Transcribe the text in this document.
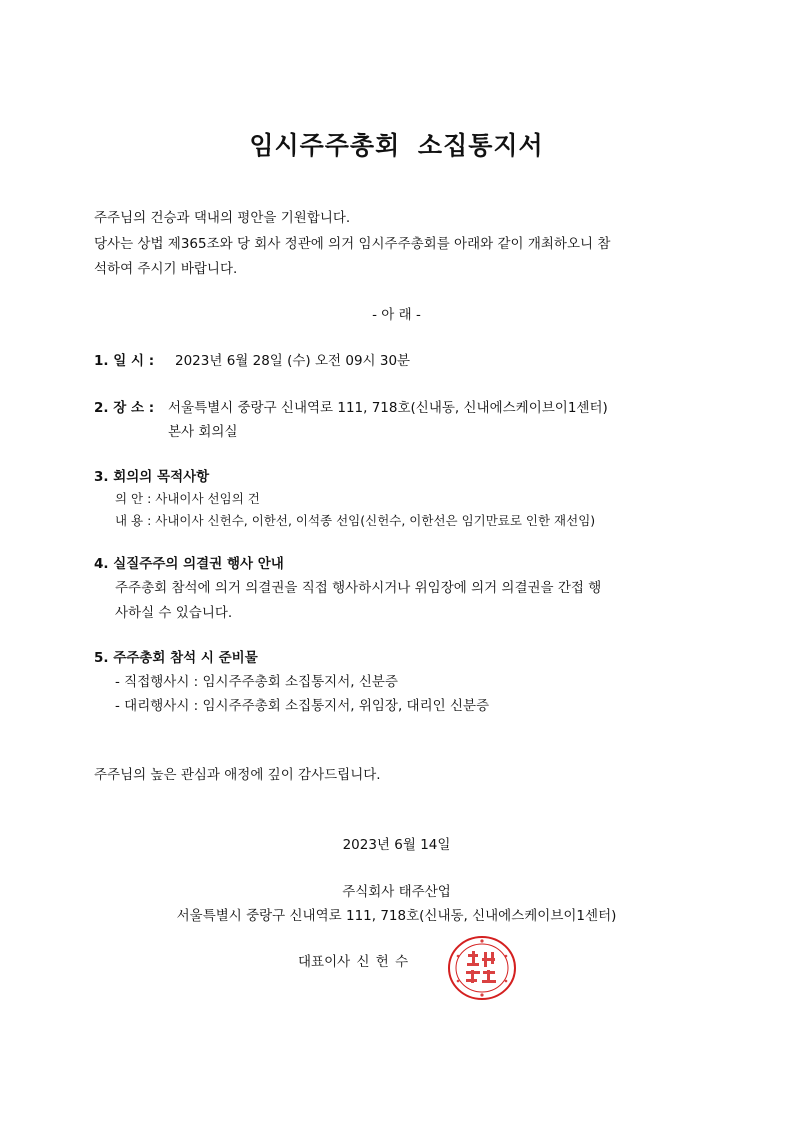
임시주주총회 소집통지서
주주님의 건승과 댁내의 평안을 기원합니다.
당사는 상법 제365조와 당 회사 정관에 의거 임시주주총회를 아래와 같이 개최하오니 참
석하여 주시기 바랍니다.
- 아 래 -
1. 일 시 : 2023년 6월 28일 (수) 오전 09시 30분
2. 장 소 : 서울특별시 중랑구 신내역로 111, 718호(신내동, 신내에스케이브이1센터)
본사 회의실
3. 회의의 목적사항
의 안 : 사내이사 선임의 건
내 용 : 사내이사 신헌수, 이한선, 이석종 선임(신헌수, 이한선은 임기만료로 인한 재선임)
4. 실질주주의 의결권 행사 안내
주주총회 참석에 의거 의결권을 직접 행사하시거나 위임장에 의거 의결권을 간접 행
사하실 수 있습니다.
5. 주주총회 참석 시 준비물
- 직접행사시 : 임시주주총회 소집통지서, 신분증
- 대리행사시 : 임시주주총회 소집통지서, 위임장, 대리인 신분증
주주님의 높은 관심과 애정에 깊이 감사드립니다.
2023년 6월 14일
주식회사 태주산업
서울특별시 중랑구 신내역로 111, 718호(신내동, 신내에스케이브이1센터)
대표이사 신 헌 수
